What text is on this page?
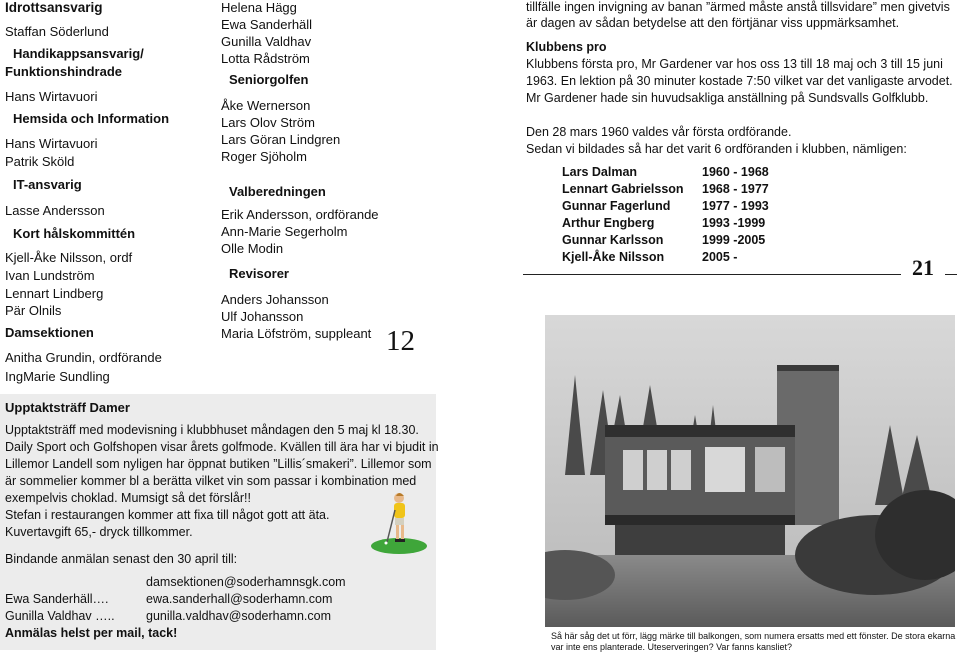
Idrottsansvarig
Staffan Söderlund
Handikappsansvarig/
Funktionshindrade
Hans Wirtavuori
Hemsida och Information
Hans Wirtavuori
Patrik Sköld
IT-ansvarig
Lasse Andersson
Kort hålskommittén
Kjell-Åke Nilsson, ordf
Ivan Lundström
Lennart Lindberg
Pär Olnils
Damsektionen
Anitha Grundin, ordförande
IngMarie Sundling
Helena Hägg
Ewa Sanderhäll
Gunilla Valdhav
Lotta Rådström
Seniorgolfen
Åke Wernerson
Lars Olov Ström
Lars Göran Lindgren
Roger Sjöholm
Valberedningen
Erik Andersson, ordförande
Ann-Marie Segerholm
Olle Modin
Revisorer
Anders Johansson
Ulf Johansson
Maria Löfström, suppleant 12
Upptaktsträff Damer
Upptaktsträff med modevisning i klubbhuset måndagen den 5 maj kl 18.30.
Daily Sport och Golfshopen visar årets golfmode. Kvällen till ära har vi bjudit in
Lillemor Landell som nyligen har öppnat butiken ”Lillis´smakeri”. Lillemor som
är sommelier kommer bl a berätta vilket vin som passar i kombination med
exempelvis choklad. Mumsigt så det förslår!!
Stefan i restaurangen kommer att fixa till något gott att äta.
Kuvertavgift 65,- dryck tillkommer.
Bindande anmälan senast den 30 april till:
damsektionen@soderhamnsgk.com
Ewa Sanderhäll….	ewa.sanderhall@soderhamn.com
Gunilla Valdhav …..	gunilla.valdhav@soderhamn.com
Anmälas helst per mail, tack!
tillfälle ingen invigning av banan ”ärmed måste anstå tillsvidare” men givetvis
är dagen av sådan betydelse att den förtjänar viss uppmärksamhet.
Klubbens pro
Klubbens första pro, Mr Gardener var hos oss 13 till 18 maj och 3 till 15 juni
1963. En lektion på 30 minuter kostade 7:50 vilket var det vanligaste arvodet.
Mr Gardener hade sin huvudsakliga anställning på Sundsvalls Golfklubb.
Den 28 mars 1960 valdes vår första ordförande.
Sedan vi bildades så har det varit 6 ordföranden i klubben, nämligen:
Lars Dalman	1960 - 1968
Lennart Gabrielsson 1968 - 1977
Gunnar Fagerlund	1977 - 1993
Arthur Engberg	1993 -1999
Gunnar Karlsson	1999 -2005
Kjell-Åke Nilsson	2005 -	21
Så här såg det ut förr, lägg märke till balkongen, som numera ersatts med ett fönster. De stora ekarna
var inte ens planterade. Uteserveringen? Var fanns kansliet?
